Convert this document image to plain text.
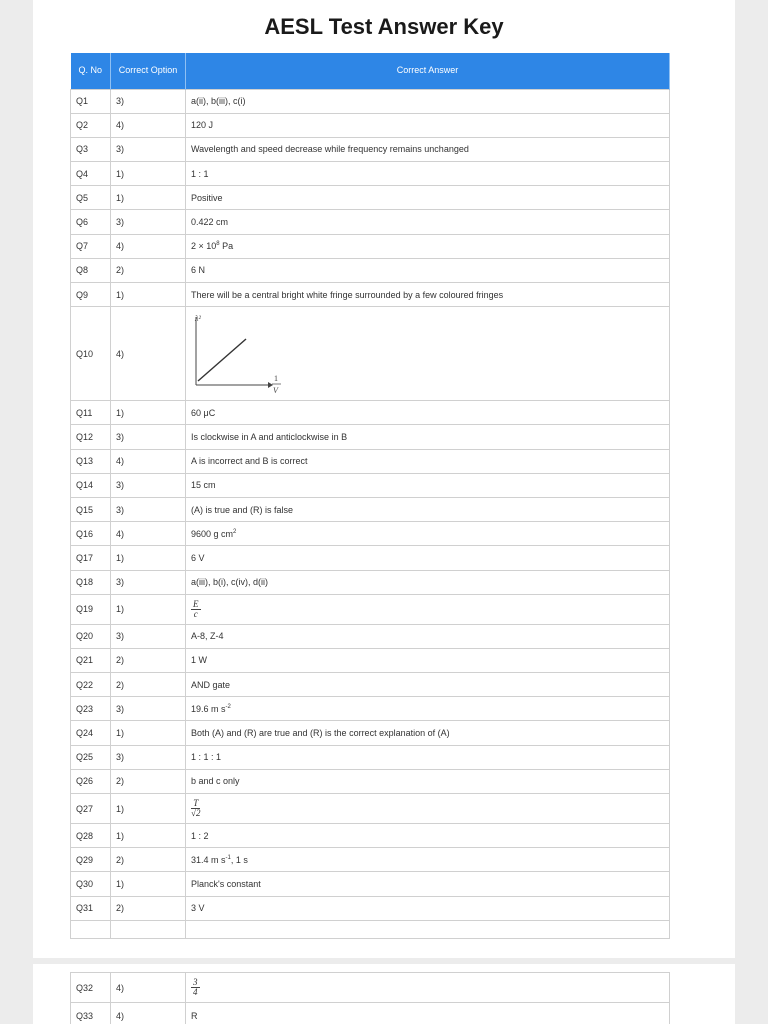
AESL Test Answer Key
Q. No	Correct Option	Correct Answer
Q1	3)	a(ii), b(iii), c(i)
Q2	4)	120 J
Q3	3)	Wavelength and speed decrease while frequency remains unchanged
Q4	1)	1 : 1
Q5	1)	Positive
Q6	3)	0.422 cm
Q7	4)	$2 \times 10^8$ Pa
Q8	2)	6 N
Q9	1)	There will be a central bright white fringe surrounded by a few coloured fringes
Q10	4)	λ²
1
V

Q11	1)	60 μC
Q12	3)	Is clockwise in A and anticlockwise in B
Q13	4)	A is incorrect and B is correct
Q14	3)	15 cm
Q15	3)	(A) is true and (R) is false
Q16	4)	9600 g $cm^2$
Q17	1)	6 V
Q18	3)	a(iii), b(i), c(iv), d(ii)
Q19	1)	$\frac{E}{c}$

Q20	3)	A-8, Z-4
Q21	2)	1 W
Q22	2)	AND gate
Q23	3)	19.6 m $s^{-2}$
Q24	1)	Both (A) and (R) are true and (R) is the correct explanation of (A)
Q25	3)	1 : 1 : 1
Q26	2)	b and c only
Q27	1)	$\frac{T}{√2}$

Q28	1)	1 : 2
Q29	2)	31.4 m $s^{-1}$, 1 s
Q30	1)	Planck's constant
Q31	2)	3 V

Q32	4)	$\frac{3}{4}$

Q33	4)	R
